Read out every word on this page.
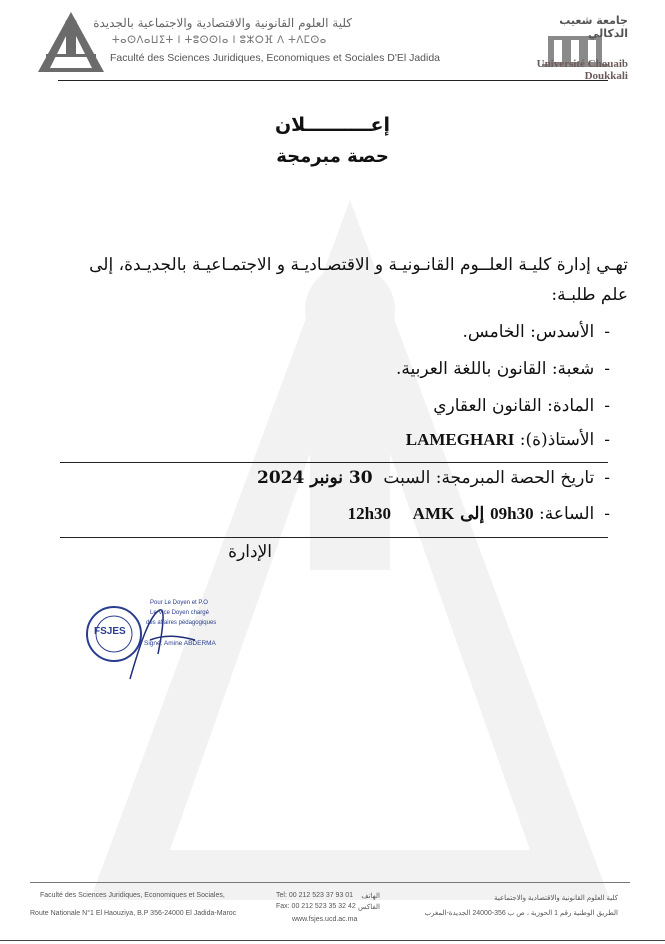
كلية العلوم القانونية والاقتصادية والاجتماعية بالجديدة
ⵜⴰⵙⴷⴰⵡⵉⵜ ⵏ ⵜⵓⵙⵙⵏⴰ ⵏ ⵓⵣⵔⴼ ⴷ ⵜⴷⵎⵙⴰ
Faculté des Sciences Juridiques, Economiques et Sociales D'El Jadida
جامعة شعيب الدكالي
Université Chouaib Doukkali
إعــــــــــلان
حصة مبرمجة
تهـي إدارة كليـة العلــوم القانـونيـة و الاقتصـاديـة و الاجتمـاعيـة بالجديـدة، إلى علم طلبـة:
-الأسدس: الخامس.
-شعبة: القانون باللغة العربية.
-المادة: القانون العقاري
-الأستاذ(ة): LAMEGHARI
-تاريخ الحصة المبرمجة: السبت  30 نونبر 2024
-الساعة: 09h30 إلى 12h30 AMK
الإدارة
FSJES
Pour Le Doyen et P.O
Le Vice Doyen chargé
des affaires pédagogiques
Signé: Amine ABDERMA
Faculté des Sciences Juridiques, Economiques et Sociales,
Route Nationale N°1 El Haouziya, B.P 356-24000 El Jadida-Maroc
Tel: 00 212 523 37 93 01	الهاتف
Fax: 00 212 523 35 32 42 الفاكس
www.fsjes.ucd.ac.ma
كلية العلوم القانونية والاقتصادية والاجتماعية
الطريق الوطنية رقم 1 الحوزية ، ص ب 356-24000 الجديدة-المغرب
